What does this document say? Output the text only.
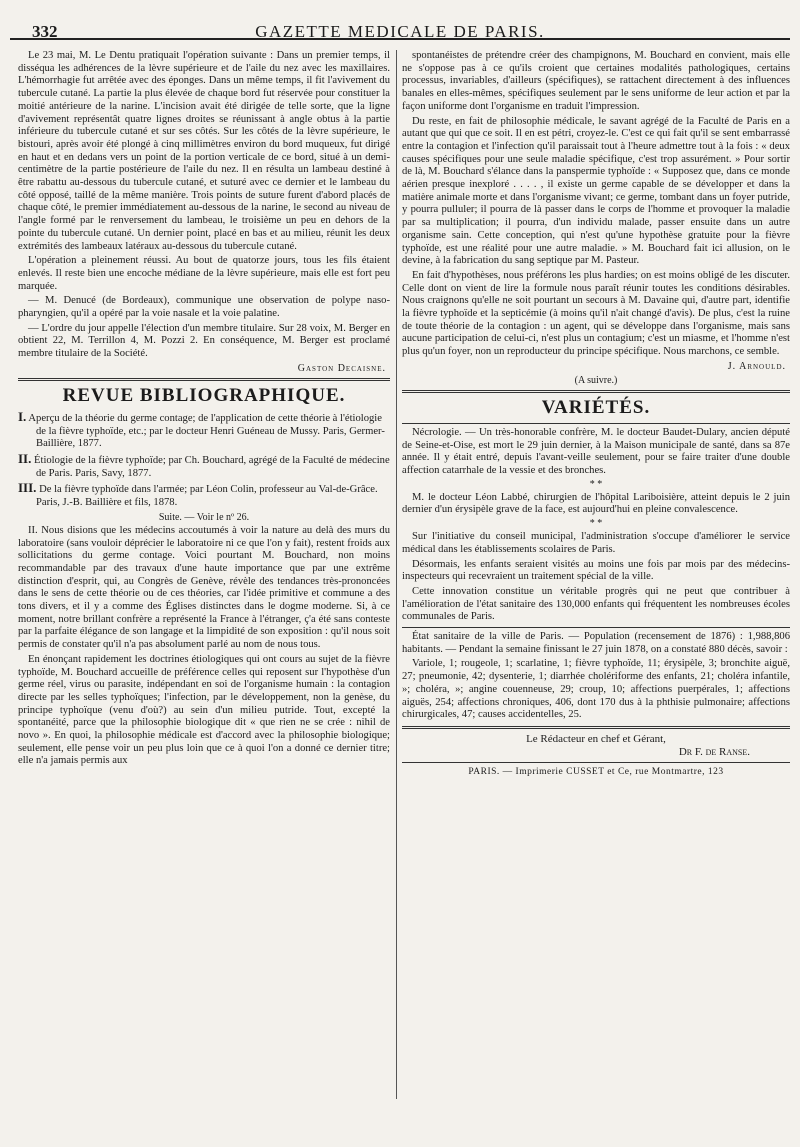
332	GAZETTE MEDICALE DE PARIS.

Le 23 mai, M. Le Dentu pratiquait l'opération suivante : Dans un premier temps, il disséqua les adhérences de la lèvre supérieure et de l'aile du nez avec les maxillaires. L'hémorrhagie fut arrêtée avec des éponges. Dans un même temps, il fit l'avivement du tubercule cutané. La partie la plus élevée de chaque bord fut réservée pour constituer la moitié antérieure de la narine. L'incision avait été dirigée de telle sorte, que la ligne d'avivement représentât quatre lignes droites se réunissant à angle obtus à la partie inférieure du tubercule cutané et sur ses côtés. Sur les côtés de la lèvre supérieure, le bistouri, après avoir été plongé à cinq millimètres environ du bord muqueux, fut dirigé en haut et en dedans vers un point de la portion verticale de ce bord, situé à un demi-centimètre de la partie postérieure de l'aile du nez. Il en résulta un lambeau destiné à être rabattu au-dessous du tubercule cutané, et suturé avec ce dernier et le lambeau du côté opposé, taillé de la même manière. Trois points de suture furent d'abord placés de chaque côté, le premier immédiatement au-dessous de la narine, le second au niveau de l'angle formé par le renversement du lambeau, le troisième un peu en dehors de la pointe du tubercule cutané. Un dernier point, placé en bas et au milieu, réunit les deux extrémités des lambeaux latéraux au-dessous du tubercule cutané.

L'opération a pleinement réussi. Au bout de quatorze jours, tous les fils étaient enlevés. Il reste bien une encoche médiane de la lèvre supérieure, mais elle est fort peu marquée.

— M. Denucé (de Bordeaux), communique une observation de polype naso-pharyngien, qu'il a opéré par la voie nasale et la voie palatine.

— L'ordre du jour appelle l'élection d'un membre titulaire. Sur 28 voix, M. Berger en obtient 22, M. Terrillon 4, M. Pozzi 2. En conséquence, M. Berger est proclamé membre titulaire de la Société.

Gaston Decaisne.
REVUE BIBLIOGRAPHIQUE.
I. Aperçu de la théorie du germe contage; de l'application de cette théorie à l'étiologie de la fièvre typhoïde, etc.; par le docteur Henri Guéneau de Mussy. Paris, Germer-Baillière, 1877.
II. Étiologie de la fièvre typhoïde; par Ch. Bouchard, agrégé de la Faculté de médecine de Paris. Paris, Savy, 1877.
III. De la fièvre typhoïde dans l'armée; par Léon Colin, professeur au Val-de-Grâce. Paris, J.-B. Baillière et fils, 1878.
Suite. — Voir le nº 26.

II. Nous disions que les médecins accoutumés à voir la nature au delà des murs du laboratoire (sans vouloir déprécier le laboratoire ni ce que l'on y fait), restent froids aux sollicitations du germe contage. Voici pourtant M. Bouchard, non moins recommandable par des travaux d'une haute importance que par une extrême distinction d'esprit, qui, au Congrès de Genève, révèle des tendances très-prononcées dans le sens de cette théorie ou de ces théories, car l'idée primitive et commune a des tons divers, et il y a comme des Églises distinctes dans le dogme moderne. Si, à ce moment, notre brillant confrère a représenté la France à l'étranger, ç'a été sans conteste par la parfaite élégance de son langage et la limpidité de son exposition : qu'il nous soit permis de constater qu'il n'a pas absolument parlé au nom de nous tous.

En énonçant rapidement les doctrines étiologiques qui ont cours au sujet de la fièvre typhoïde, M. Bouchard accueille de préférence celles qui reposent sur l'hypothèse d'un germe réel, virus ou parasite, indépendant en soi de l'organisme humain : la contagion directe par les selles typhoïques; l'infection, par le développement, non la genèse, du principe typhoïque (venu d'où?) au sein d'un milieu putride. Tout, excepté la spontanéité, parce que la philosophie biologique dit « que rien ne se crée : nihil de novo ». En quoi, la philosophie médicale est d'accord avec la philosophie biologique; seulement, elle pense voir un peu plus loin que ce à quoi l'on a donné ce dernier titre; elle n'a jamais permis aux

spontanéistes de prétendre créer des champignons, M. Bouchard en convient, mais elle ne s'oppose pas à ce qu'ils croient que certaines modalités pathologiques, certains processus, invariables, d'ailleurs (spécifiques), se rattachent directement à des influences banales en elles-mêmes, spécifiques seulement par le sens uniforme de leur action et par la façon uniforme dont l'organisme en traduit l'impression.

Du reste, en fait de philosophie médicale, le savant agrégé de la Faculté de Paris en a autant que qui que ce soit. Il en est pétri, croyez-le. C'est ce qui fait qu'il se sent embarrassé entre la contagion et l'infection qu'il paraissait tout à l'heure admettre tout à la fois : « deux causes spécifiques pour une seule maladie spécifique, c'est trop assurément. » Pour sortir de là, M. Bouchard s'élance dans la panspermie typhoïde : « Supposez que, dans ce monde aérien presque inexploré . . . . , il existe un germe capable de se développer et dans la matière animale morte et dans l'organisme vivant; ce germe, tombant dans un foyer putride, y pourra pulluler; il pourra de là passer dans le corps de l'homme et provoquer la maladie par sa multiplication; il pourra, d'un individu malade, passer ensuite dans un autre organisme sain. Cette conception, qui n'est qu'une hypothèse gratuite pour la fièvre typhoïde, est une réalité pour une autre maladie. » M. Bouchard fait ici allusion, on le devine, à la fabrication du sang septique par M. Pasteur.

En fait d'hypothèses, nous préférons les plus hardies; on est moins obligé de les discuter. Celle dont on vient de lire la formule nous paraît réunir toutes les conditions désirables. Nous craignons qu'elle ne soit pourtant un secours à M. Davaine qui, d'autre part, identifie la fièvre typhoïde et la septicémie (à moins qu'il n'ait changé d'avis). De plus, c'est la ruine de toute théorie de la contagion : un agent, qui se développe dans l'organisme, mais sans aucune participation de celui-ci, n'est plus un contagium; c'est un miasme, et l'homme n'est plus qu'un foyer, non un reproducteur du principe spécifique. Nous marchons, ce semble.

J. Arnould.
(A suivre.)
VARIÉTÉS.

Nécrologie. — Un très-honorable confrère, M. le docteur Baudet-Dulary, ancien député de Seine-et-Oise, est mort le 29 juin dernier, à la Maison municipale de santé, dans sa 87e année. Il y était entré, depuis l'avant-veille seulement, pour se faire traiter d'une double affection catarrhale de la vessie et des bronches.

* *

M. le docteur Léon Labbé, chirurgien de l'hôpital Lariboisière, atteint depuis le 2 juin dernier d'un érysipèle grave de la face, est aujourd'hui en pleine convalescence.

* *

Sur l'initiative du conseil municipal, l'administration s'occupe d'améliorer le service médical dans les établissements scolaires de Paris.

Désormais, les enfants seraient visités au moins une fois par mois par des médecins-inspecteurs qui recevraient un traitement spécial de la ville.

Cette innovation constitue un véritable progrès qui ne peut que contribuer à l'amélioration de l'état sanitaire des 130,000 enfants qui fréquentent les nombreuses écoles communales de Paris.

État sanitaire de la ville de Paris. — Population (recensement de 1876) : 1,988,806 habitants. — Pendant la semaine finissant le 27 juin 1878, on a constaté 880 décès, savoir :

Variole, 1; rougeole, 1; scarlatine, 1; fièvre typhoïde, 11; érysipèle, 3; bronchite aiguë, 27; pneumonie, 42; dysenterie, 1; diarrhée cholériforme des enfants, 21; choléra infantile, »; choléra, »; angine couenneuse, 29; croup, 10; affections puerpérales, 1; affections aiguës, 254; affections chroniques, 406, dont 170 dus à la phthisie pulmonaire; affections chirurgicales, 47; causes accidentelles, 25.

Le Rédacteur en chef et Gérant,
Dr F. de Ranse.
PARIS. — Imprimerie CUSSET et Ce, rue Montmartre, 123
